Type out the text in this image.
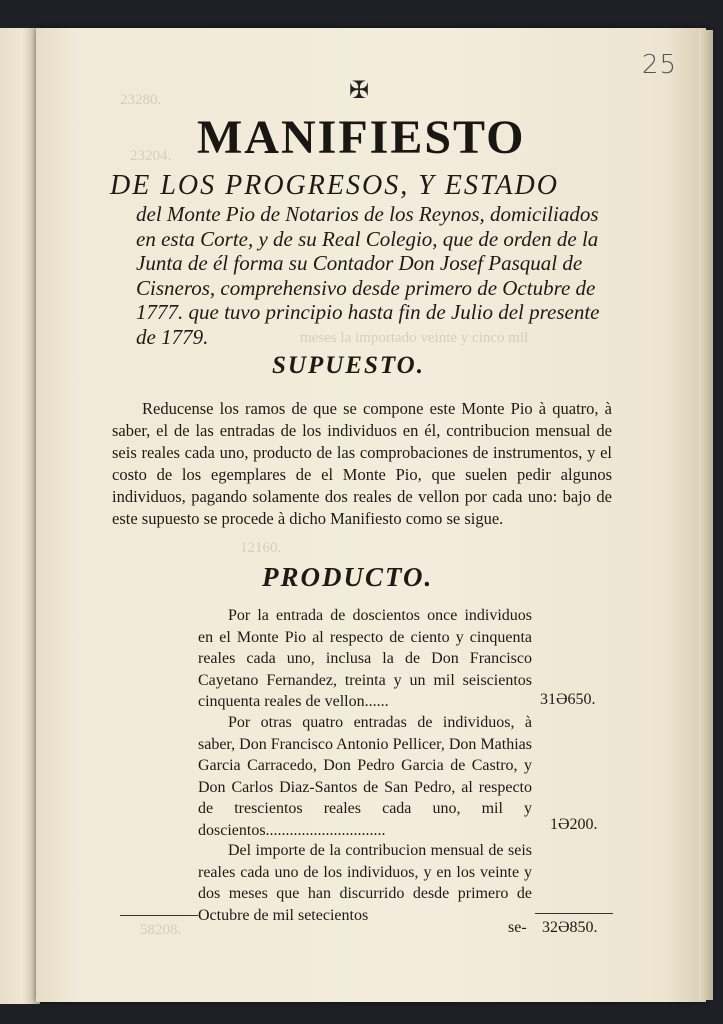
23280.
23204.
meses la importado veinte y cinco mil
12160.
58208.
25
✠
MANIFIESTO
DE LOS PROGRESOS, Y ESTADO
del Monte Pio de Notarios de los Reynos, domiciliados en esta Corte, y de su Real Colegio, que de orden de la Junta de él forma su Contador Don Josef Pasqual de Cisneros, comprehensivo desde primero de Octubre de 1777. que tuvo principio hasta fin de Julio del presente de 1779.
SUPUESTO.

Reducense los ramos de que se compone este Monte Pio à quatro, à saber, el de las entradas de los individuos en él, contribucion mensual de seis reales cada uno, producto de las comprobaciones de instrumentos, y el costo de los egemplares de el Monte Pio, que suelen pedir algunos individuos, pagando solamente dos reales de vellon por cada uno: bajo de este supuesto se procede à dicho Manifiesto como se sigue.

PRODUCTO.

Por la entrada de doscientos once individuos en el Monte Pio al respecto de ciento y cinquenta reales cada uno, inclusa la de Don Francisco Cayetano Fernandez, treinta y un mil seiscientos cinquenta reales de vellon......	31Ə650.

Por otras quatro entradas de individuos, à saber, Don Francisco Antonio Pellicer, Don Mathias Garcia Carracedo, Don Pedro Garcia de Castro, y Don Carlos Diaz-Santos de San Pedro, al respecto de trescientos reales cada uno, mil y doscientos..............................	1Ə200.

Del importe de la contribucion mensual de seis reales cada uno de los individuos, y en los veinte y dos meses que han discurrido desde primero de Octubre de mil setecientos

se- 32Ə850.
